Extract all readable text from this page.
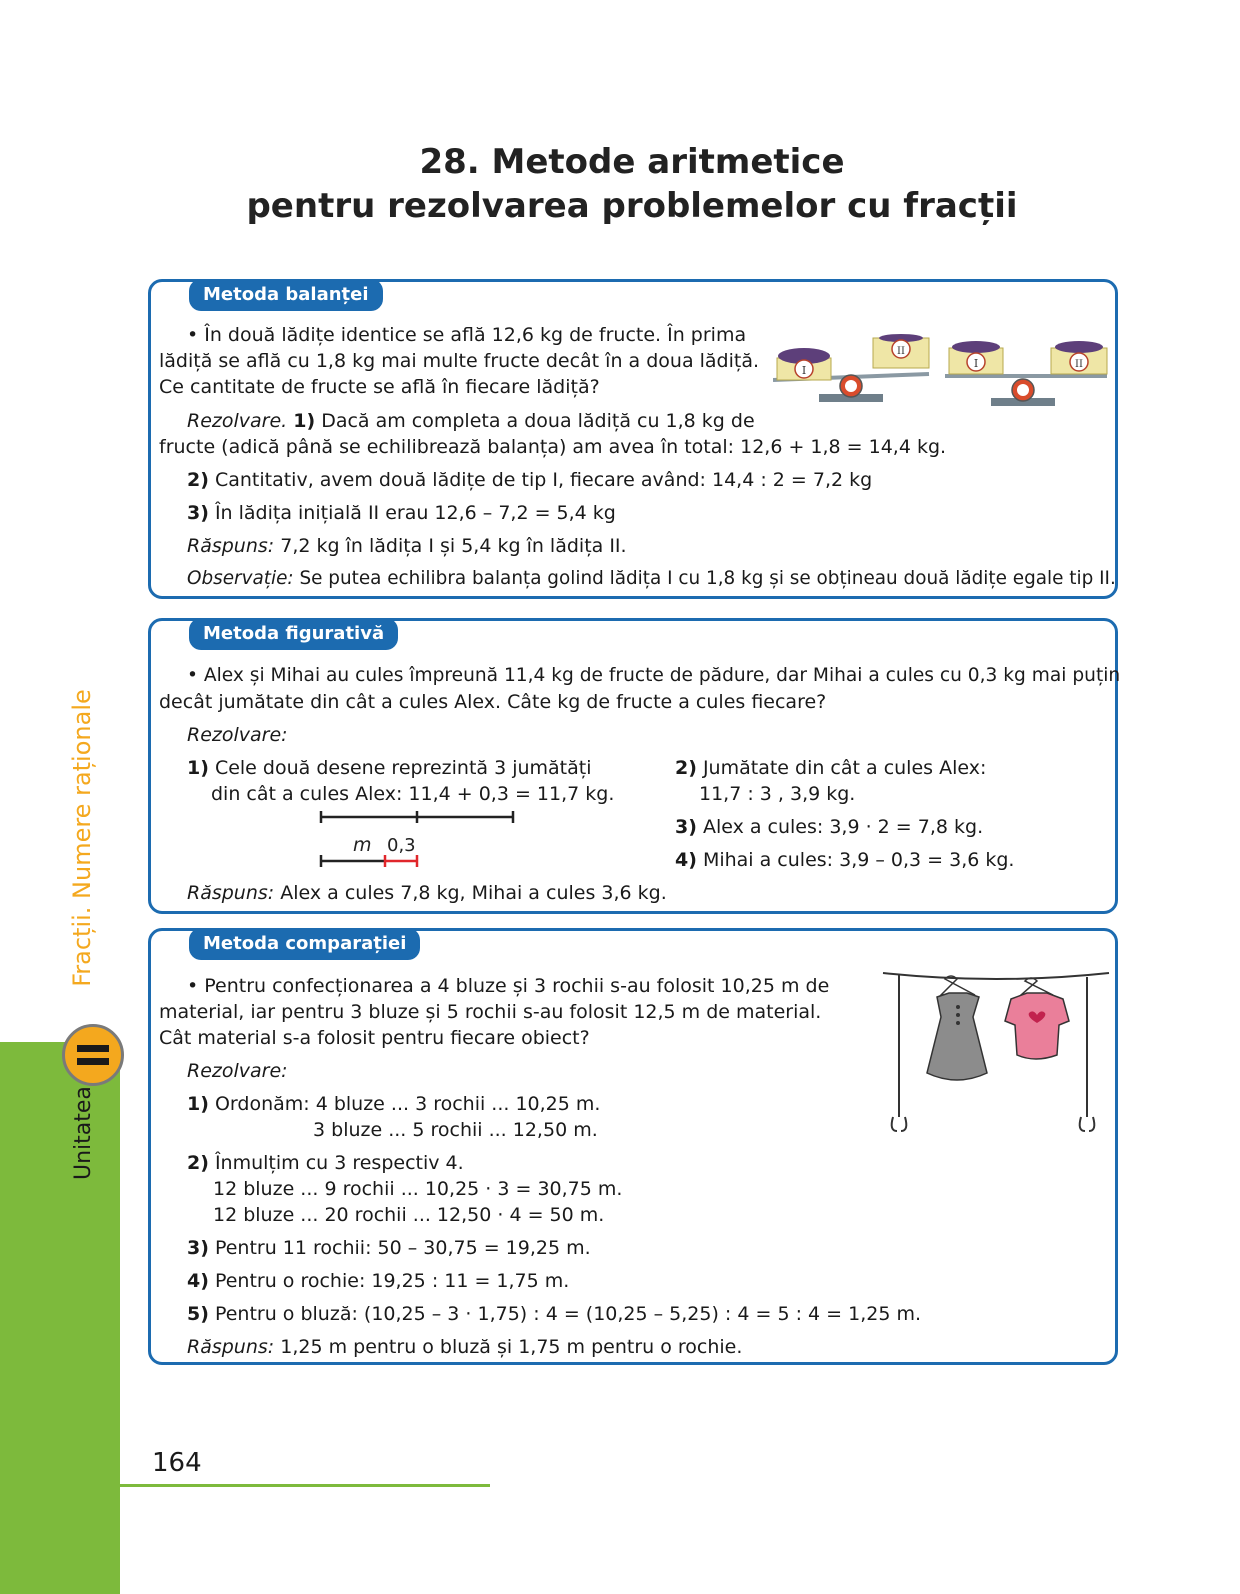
28. Metode aritmetice
pentru rezolvarea problemelor cu fracții
Metoda balanței
• În două lădițe identice se află 12,6 kg de fructe. În prima
lădiță se află cu 1,8 kg mai multe fructe decât în a doua lădiță.
Ce cantitate de fructe se află în fiecare lădiță?
Rezolvare. 1) Dacă am completa a doua lădiță cu 1,8 kg de
fructe (adică până se echilibrează balanța) am avea în total: 12,6 + 1,8 = 14,4 kg.
2) Cantitativ, avem două lădițe de tip I, fiecare având: 14,4 : 2 = 7,2 kg
3) În lădița inițială II erau 12,6 – 7,2 = 5,4 kg
Răspuns: 7,2 kg în lădița I și 5,4 kg în lădița II.
Observație: Se putea echilibra balanța golind lădița I cu 1,8 kg și se obțineau două lădițe egale tip II.
I
II
I	II
Metoda figurativă
• Alex și Mihai au cules împreună 11,4 kg de fructe de pădure, dar Mihai a cules cu 0,3 kg mai puțin
decât jumătate din cât a cules Alex. Câte kg de fructe a cules fiecare?
Rezolvare:
1) Cele două desene reprezintă 3 jumătăți
din cât a cules Alex: 11,4 + 0,3 = 11,7 kg.
2) Jumătate din cât a cules Alex:
11,7 : 3 , 3,9 kg.
3) Alex a cules: 3,9 · 2 = 7,8 kg.
4) Mihai a cules: 3,9 – 0,3 = 3,6 kg.
m 0,3
Răspuns: Alex a cules 7,8 kg, Mihai a cules 3,6 kg.
Metoda comparației
• Pentru confecționarea a 4 bluze și 3 rochii s-au folosit 10,25 m de
material, iar pentru 3 bluze și 5 rochii s-au folosit 12,5 m de material.
Cât material s-a folosit pentru fiecare obiect?
Rezolvare:
1) Ordonăm: 4 bluze ... 3 rochii ... 10,25 m.
3 bluze ... 5 rochii ... 12,50 m.
2) Înmulțim cu 3 respectiv 4.
12 bluze ... 9 rochii ... 10,25 · 3 = 30,75 m.
12 bluze ... 20 rochii ... 12,50 · 4 = 50 m.
3) Pentru 11 rochii: 50 – 30,75 = 19,25 m.
4) Pentru o rochie: 19,25 : 11 = 1,75 m.
5) Pentru o bluză: (10,25 – 3 · 1,75) : 4 = (10,25 – 5,25) : 4 = 5 : 4 = 1,25 m.
Răspuns: 1,25 m pentru o bluză și 1,75 m pentru o rochie.
Unitatea  Fracții. Numere raționale
164
